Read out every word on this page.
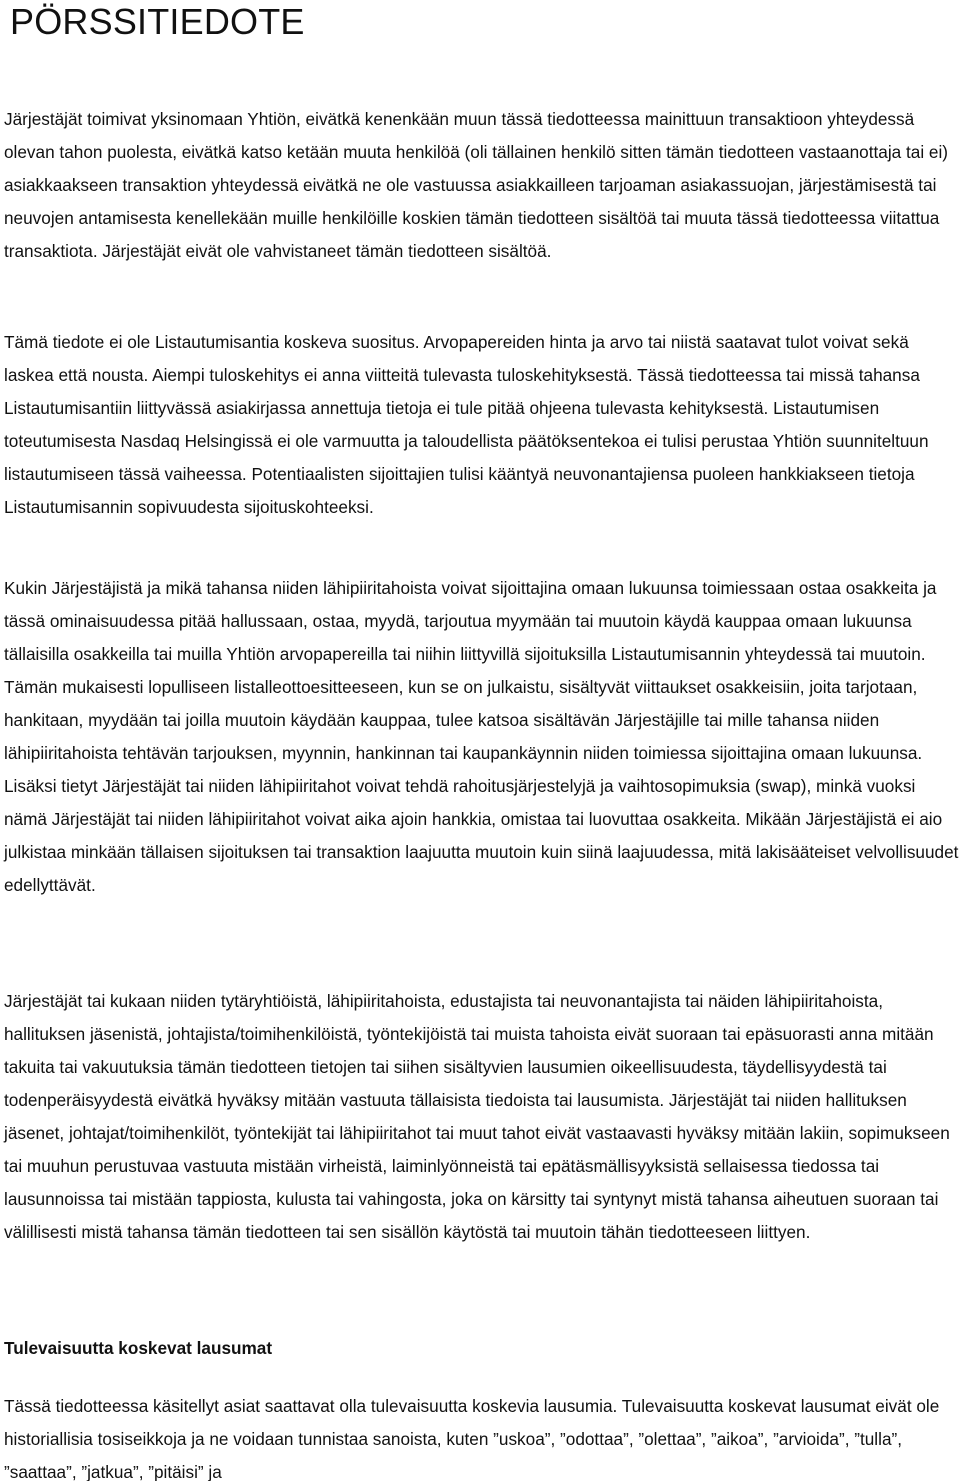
PÖRSSITIEDOTE

Järjestäjät toimivat yksinomaan Yhtiön, eivätkä kenenkään muun tässä tiedotteessa mainittuun transaktioon yhteydessä olevan tahon puolesta, eivätkä katso ketään muuta henkilöä (oli tällainen henkilö sitten tämän tiedotteen vastaanottaja tai ei) asiakkaakseen transaktion yhteydessä eivätkä ne ole vastuussa asiakkailleen tarjoaman asiakassuojan, järjestämisestä tai neuvojen antamisesta kenellekään muille henkilöille koskien tämän tiedotteen sisältöä tai muuta tässä tiedotteessa viitattua transaktiota. Järjestäjät eivät ole vahvistaneet tämän tiedotteen sisältöä.

Tämä tiedote ei ole Listautumisantia koskeva suositus. Arvopapereiden hinta ja arvo tai niistä saatavat tulot voivat sekä laskea että nousta. Aiempi tuloskehitys ei anna viitteitä tulevasta tuloskehityksestä. Tässä tiedotteessa tai missä tahansa Listautumisantiin liittyvässä asiakirjassa annettuja tietoja ei tule pitää ohjeena tulevasta kehityksestä. Listautumisen toteutumisesta Nasdaq Helsingissä ei ole varmuutta ja taloudellista päätöksentekoa ei tulisi perustaa Yhtiön suunniteltuun listautumiseen tässä vaiheessa. Potentiaalisten sijoittajien tulisi kääntyä neuvonantajiensa puoleen hankkiakseen tietoja Listautumisannin sopivuudesta sijoituskohteeksi.

Kukin Järjestäjistä ja mikä tahansa niiden lähipiiritahoista voivat sijoittajina omaan lukuunsa toimiessaan ostaa osakkeita ja tässä ominaisuudessa pitää hallussaan, ostaa, myydä, tarjoutua myymään tai muutoin käydä kauppaa omaan lukuunsa tällaisilla osakkeilla tai muilla Yhtiön arvopapereilla tai niihin liittyvillä sijoituksilla Listautumisannin yhteydessä tai muutoin. Tämän mukaisesti lopulliseen listalleottoesitteeseen, kun se on julkaistu, sisältyvät viittaukset osakkeisiin, joita tarjotaan, hankitaan, myydään tai joilla muutoin käydään kauppaa, tulee katsoa sisältävän Järjestäjille tai mille tahansa niiden lähipiiritahoista tehtävän tarjouksen, myynnin, hankinnan tai kaupankäynnin niiden toimiessa sijoittajina omaan lukuunsa. Lisäksi tietyt Järjestäjät tai niiden lähipiiritahot voivat tehdä rahoitusjärjestelyjä ja vaihtosopimuksia (swap), minkä vuoksi nämä Järjestäjät tai niiden lähipiiritahot voivat aika ajoin hankkia, omistaa tai luovuttaa osakkeita. Mikään Järjestäjistä ei aio julkistaa minkään tällaisen sijoituksen tai transaktion laajuutta muutoin kuin siinä laajuudessa, mitä lakisääteiset velvollisuudet edellyttävät.

Järjestäjät tai kukaan niiden tytäryhtiöistä, lähipiiritahoista, edustajista tai neuvonantajista tai näiden lähipiiritahoista, hallituksen jäsenistä, johtajista/toimihenkilöistä, työntekijöistä tai muista tahoista eivät suoraan tai epäsuorasti anna mitään takuita tai vakuutuksia tämän tiedotteen tietojen tai siihen sisältyvien lausumien oikeellisuudesta, täydellisyydestä tai todenperäisyydestä eivätkä hyväksy mitään vastuuta tällaisista tiedoista tai lausumista. Järjestäjät tai niiden hallituksen jäsenet, johtajat/toimihenkilöt, työntekijät tai lähipiiritahot tai muut tahot eivät vastaavasti hyväksy mitään lakiin, sopimukseen tai muuhun perustuvaa vastuuta mistään virheistä, laiminlyönneistä tai epätäsmällisyyksistä sellaisessa tiedossa tai lausunnoissa tai mistään tappiosta, kulusta tai vahingosta, joka on kärsitty tai syntynyt mistä tahansa aiheutuen suoraan tai välillisesti mistä tahansa tämän tiedotteen tai sen sisällön käytöstä tai muutoin tähän tiedotteeseen liittyen.

Tulevaisuutta koskevat lausumat

Tässä tiedotteessa käsitellyt asiat saattavat olla tulevaisuutta koskevia lausumia. Tulevaisuutta koskevat lausumat eivät ole historiallisia tosiseikkoja ja ne voidaan tunnistaa sanoista, kuten ”uskoa”, ”odottaa”, ”olettaa”, ”aikoa”, ”arvioida”, ”tulla”, ”saattaa”, ”jatkua”, ”pitäisi” ja
